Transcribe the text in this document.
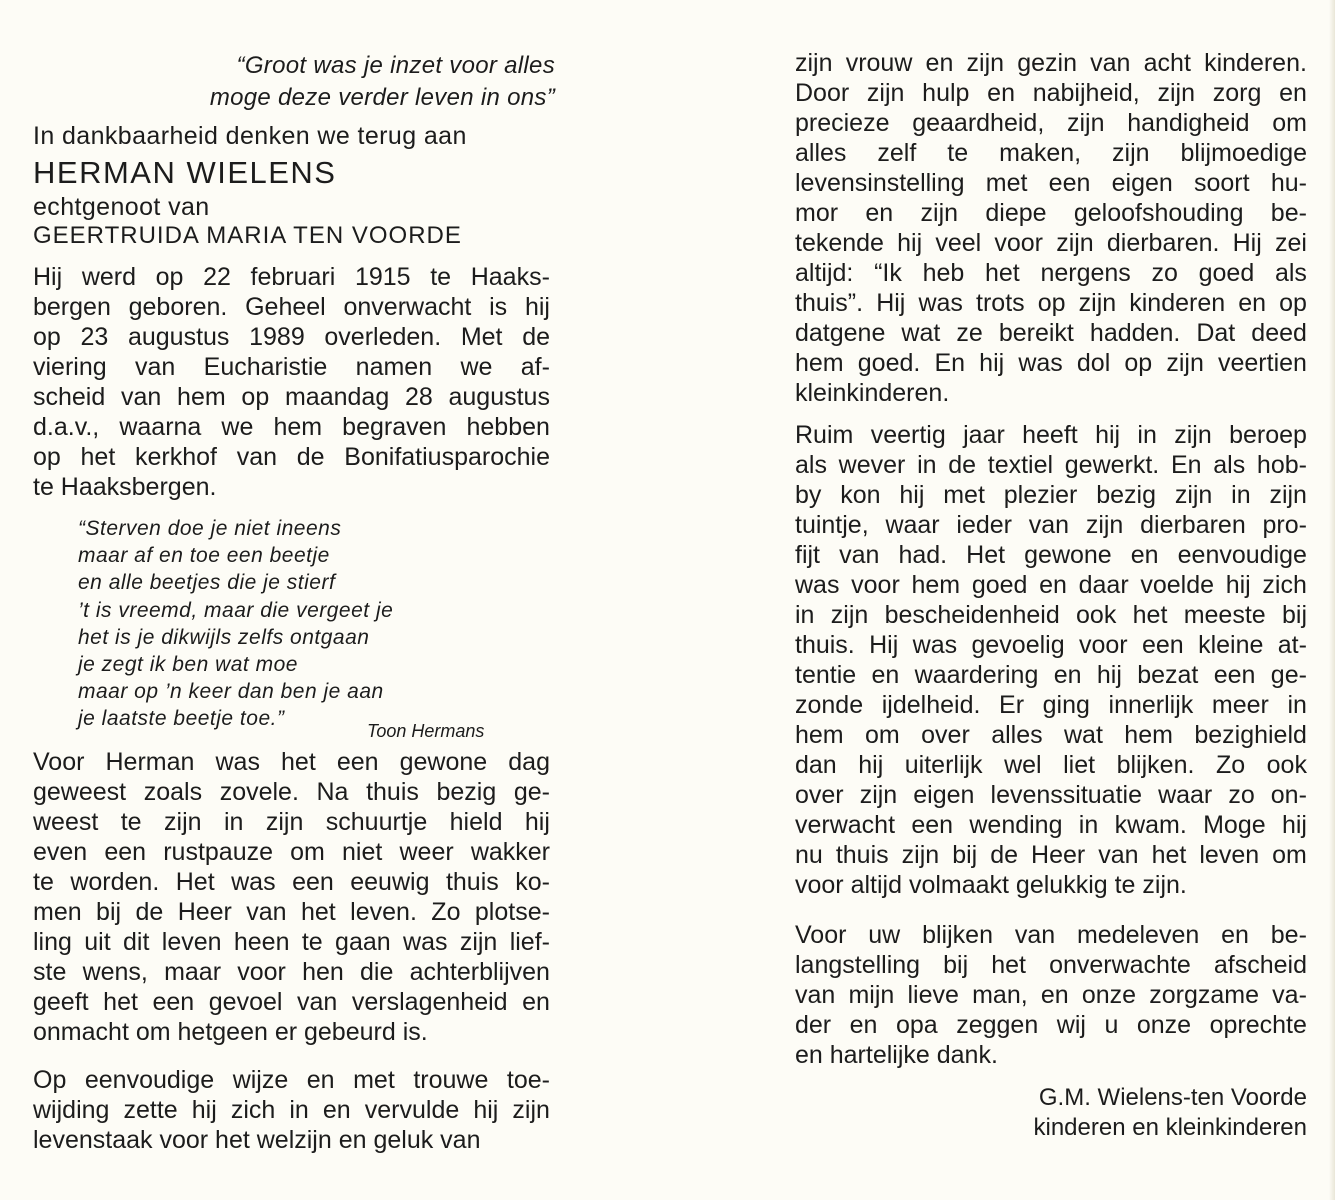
“Groot was je inzet voor alles
moge deze verder leven in ons”
In dankbaarheid denken we terug aan
HERMAN WIELENS
echtgenoot van
GEERTRUIDA MARIA TEN VOORDE
Hij werd op 22 februari 1915 te Haaks-
bergen geboren. Geheel onverwacht is hij
op 23 augustus 1989 overleden. Met de
viering van Eucharistie namen we af-
scheid van hem op maandag 28 augustus
d.a.v., waarna we hem begraven hebben
op het kerkhof van de Bonifatiusparochie
te Haaksbergen.
“Sterven doe je niet ineens
maar af en toe een beetje
en alle beetjes die je stierf
’t is vreemd, maar die vergeet je
het is je dikwijls zelfs ontgaan
je zegt ik ben wat moe
maar op ’n keer dan ben je aan
je laatste beetje toe.”
Toon Hermans
Voor Herman was het een gewone dag
geweest zoals zovele. Na thuis bezig ge-
weest te zijn in zijn schuurtje hield hij
even een rustpauze om niet weer wakker
te worden. Het was een eeuwig thuis ko-
men bij de Heer van het leven. Zo plotse-
ling uit dit leven heen te gaan was zijn lief-
ste wens, maar voor hen die achterblijven
geeft het een gevoel van verslagenheid en
onmacht om hetgeen er gebeurd is.
Op eenvoudige wijze en met trouwe toe-
wijding zette hij zich in en vervulde hij zijn
levenstaak voor het welzijn en geluk van
zijn vrouw en zijn gezin van acht kinderen.
Door zijn hulp en nabijheid, zijn zorg en
precieze geaardheid, zijn handigheid om
alles zelf te maken, zijn blijmoedige
levensinstelling met een eigen soort hu-
mor en zijn diepe geloofshouding be-
tekende hij veel voor zijn dierbaren. Hij zei
altijd: “Ik heb het nergens zo goed als
thuis”. Hij was trots op zijn kinderen en op
datgene wat ze bereikt hadden. Dat deed
hem goed. En hij was dol op zijn veertien
kleinkinderen.
Ruim veertig jaar heeft hij in zijn beroep
als wever in de textiel gewerkt. En als hob-
by kon hij met plezier bezig zijn in zijn
tuintje, waar ieder van zijn dierbaren pro-
fijt van had. Het gewone en eenvoudige
was voor hem goed en daar voelde hij zich
in zijn bescheidenheid ook het meeste bij
thuis. Hij was gevoelig voor een kleine at-
tentie en waardering en hij bezat een ge-
zonde ijdelheid. Er ging innerlijk meer in
hem om over alles wat hem bezighield
dan hij uiterlijk wel liet blijken. Zo ook
over zijn eigen levenssituatie waar zo on-
verwacht een wending in kwam. Moge hij
nu thuis zijn bij de Heer van het leven om
voor altijd volmaakt gelukkig te zijn.
Voor uw blijken van medeleven en be-
langstelling bij het onverwachte afscheid
van mijn lieve man, en onze zorgzame va-
der en opa zeggen wij u onze oprechte
en hartelijke dank.
G.M. Wielens-ten Voorde
kinderen en kleinkinderen
